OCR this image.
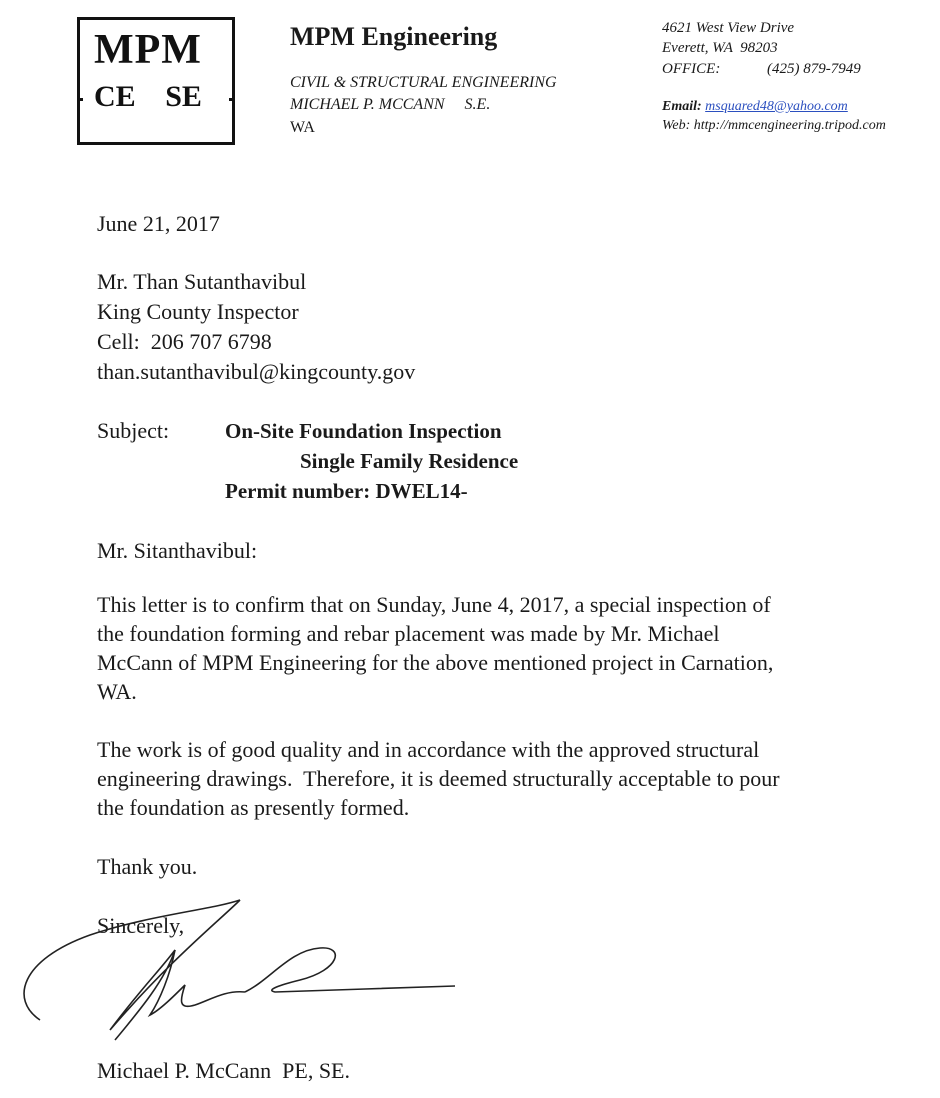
MPM
CE SE
MPM Engineering
CIVIL & STRUCTURAL ENGINEERING
MICHAEL P. MCCANN     S.E.
WA
4621 West View Drive
Everett, WA  98203
OFFICE:	(425) 879-7949
Email: msquared48@yahoo.com
Web: http://mmcengineering.tripod.com
June 21, 2017
Mr. Than Sutanthavibul
King County Inspector
Cell:  206 707 6798
than.sutanthavibul@kingcounty.gov
Subject:	On-Site Foundation Inspection
Single Family Residence
Permit number: DWEL14-
Mr. Sitanthavibul:
This letter is to confirm that on Sunday, June 4, 2017, a special inspection of
the foundation forming and rebar placement was made by Mr. Michael
McCann of MPM Engineering for the above mentioned project in Carnation,
WA.
The work is of good quality and in accordance with the approved structural
engineering drawings.  Therefore, it is deemed structurally acceptable to pour
the foundation as presently formed.
Thank you.
Sincerely,
Michael P. McCann  PE, SE.
